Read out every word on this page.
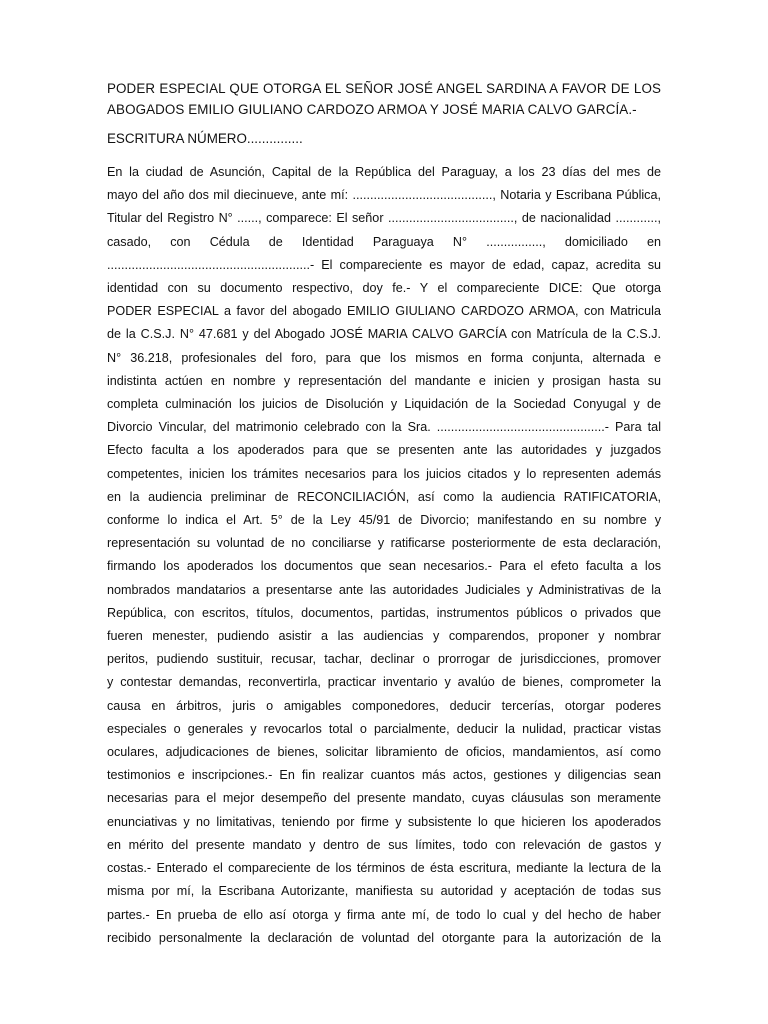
PODER ESPECIAL QUE OTORGA EL SEÑOR JOSÉ ANGEL SARDINA A FAVOR DE LOS
ABOGADOS EMILIO GIULIANO CARDOZO ARMOA Y JOSÉ MARIA CALVO GARCÍA.-
ESCRITURA NÚMERO...............
En la ciudad de Asunción, Capital de la República del Paraguay, a los 23 días del mes de
mayo del año dos mil diecinueve, ante mí: ........................................, Notaria y Escribana Pública,
Titular del Registro N° ......, comparece: El señor ...................................., de nacionalidad ............,
casado, con Cédula de Identidad Paraguaya N° ................, domiciliado en
..........................................................- El compareciente es mayor de edad, capaz, acredita su
identidad con su documento respectivo, doy fe.- Y el compareciente DICE: Que otorga
PODER ESPECIAL a favor del abogado EMILIO GIULIANO CARDOZO ARMOA, con Matricula
de la C.S.J. N° 47.681 y del Abogado JOSÉ MARIA CALVO GARCÍA con Matrícula de la C.S.J.
N° 36.218, profesionales del foro, para que los mismos en forma conjunta, alternada e
indistinta actúen en nombre y representación del mandante e inicien y prosigan hasta su
completa culminación los juicios de Disolución y Liquidación de la Sociedad Conyugal y de
Divorcio Vincular, del matrimonio celebrado con la Sra. ................................................- Para tal
Efecto faculta a los apoderados para que se presenten ante las autoridades y juzgados
competentes, inicien los trámites necesarios para los juicios citados y lo representen además
en la audiencia preliminar de RECONCILIACIÓN, así como la audiencia RATIFICATORIA,
conforme lo indica el Art. 5° de la Ley 45/91 de Divorcio; manifestando en su nombre y
representación su voluntad de no conciliarse y ratificarse posteriormente de esta declaración,
firmando los apoderados los documentos que sean necesarios.- Para el efeto faculta a los
nombrados mandatarios a presentarse ante las autoridades Judiciales y Administrativas de la
República, con escritos, títulos, documentos, partidas, instrumentos públicos o privados que
fueren menester, pudiendo asistir a las audiencias y comparendos, proponer y nombrar
peritos, pudiendo sustituir, recusar, tachar, declinar o prorrogar de jurisdicciones, promover
y contestar demandas, reconvertirla, practicar inventario y avalúo de bienes, comprometer la
causa en árbitros, juris o amigables componedores, deducir tercerías, otorgar poderes
especiales o generales y revocarlos total o parcialmente, deducir la nulidad, practicar vistas
oculares, adjudicaciones de bienes, solicitar libramiento de oficios, mandamientos, así como
testimonios e inscripciones.- En fin realizar cuantos más actos, gestiones y diligencias sean
necesarias para el mejor desempeño del presente mandato, cuyas cláusulas son meramente
enunciativas y no limitativas, teniendo por firme y subsistente lo que hicieren los apoderados
en mérito del presente mandato y dentro de sus límites, todo con relevación de gastos y
costas.- Enterado el compareciente de los términos de ésta escritura, mediante la lectura de la
misma por mí, la Escribana Autorizante, manifiesta su autoridad y aceptación de todas sus
partes.- En prueba de ello así otorga y firma ante mí, de todo lo cual y del hecho de haber
recibido personalmente la declaración de voluntad del otorgante para la autorización de la
